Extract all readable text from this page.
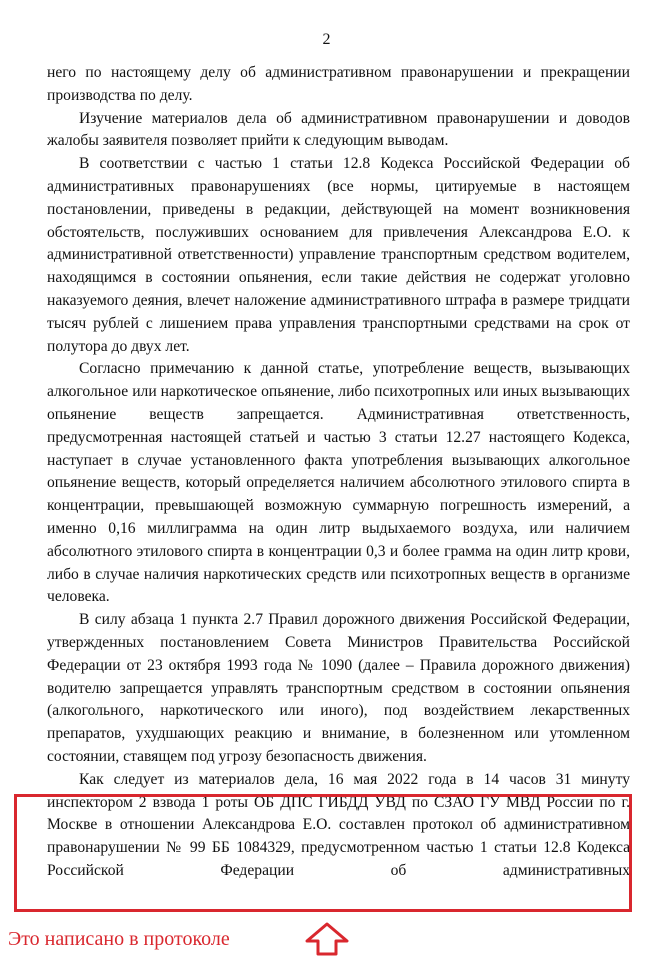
2

него по настоящему делу об административном правонарушении и прекращении производства по делу.

Изучение материалов дела об административном правонарушении и доводов жалобы заявителя позволяет прийти к следующим выводам.

В соответствии с частью 1 статьи 12.8 Кодекса Российской Федерации об административных правонарушениях (все нормы, цитируемые в настоящем постановлении, приведены в редакции, действующей на момент возникновения обстоятельств, послуживших основанием для привлечения Александрова Е.О. к административной ответственности) управление транспортным средством водителем, находящимся в состоянии опьянения, если такие действия не содержат уголовно наказуемого деяния, влечет наложение административного штрафа в размере тридцати тысяч рублей с лишением права управления транспортными средствами на срок от полутора до двух лет.

Согласно примечанию к данной статье, употребление веществ, вызывающих алкогольное или наркотическое опьянение, либо психотропных или иных вызывающих опьянение веществ запрещается. Административная ответственность, предусмотренная настоящей статьей и частью 3 статьи 12.27 настоящего Кодекса, наступает в случае установленного факта употребления вызывающих алкогольное опьянение веществ, который определяется наличием абсолютного этилового спирта в концентрации, превышающей возможную суммарную погрешность измерений, а именно 0,16 миллиграмма на один литр выдыхаемого воздуха, или наличием абсолютного этилового спирта в концентрации 0,3 и более грамма на один литр крови, либо в случае наличия наркотических средств или психотропных веществ в организме человека.

В силу абзаца 1 пункта 2.7 Правил дорожного движения Российской Федерации, утвержденных постановлением Совета Министров Правительства Российской Федерации от 23 октября 1993 года № 1090 (далее – Правила дорожного движения) водителю запрещается управлять транспортным средством в состоянии опьянения (алкогольного, наркотического или иного), под воздействием лекарственных препаратов, ухудшающих реакцию и внимание, в болезненном или утомленном состоянии, ставящем под угрозу безопасность движения.

Как следует из материалов дела, 16 мая 2022 года в 14 часов 31 минуту инспектором 2 взвода 1 роты ОБ ДПС ГИБДД УВД по СЗАО ГУ МВД России по г. Москве в отношении Александрова Е.О. составлен протокол об административном правонарушении № 99 ББ 1084329, предусмотренном частью 1 статьи 12.8 Кодекса Российской Федерации об административных

Это написано в протоколе
